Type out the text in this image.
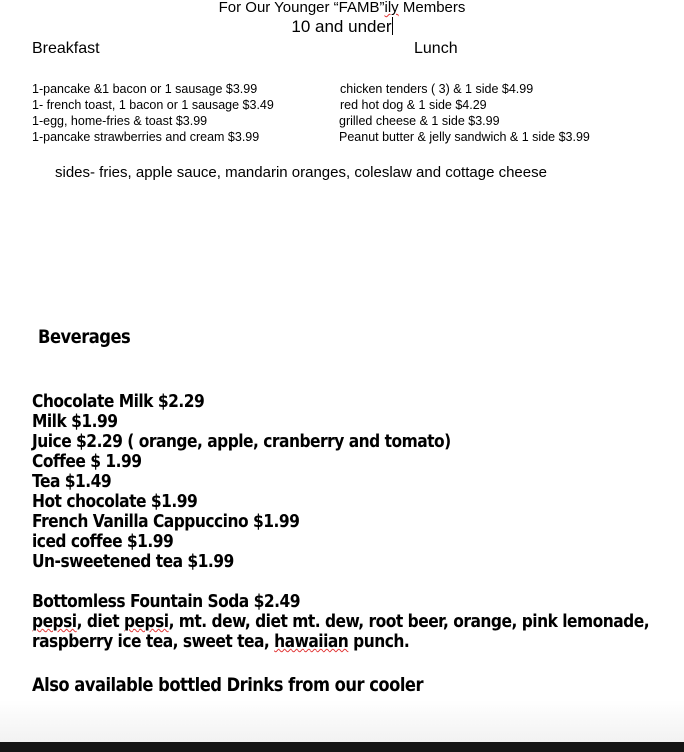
For Our Younger “FAMB”ily Members
10 and under
Breakfast	Lunch
1-pancake &1 bacon or 1 sausage $3.99
1- french toast, 1 bacon or 1 sausage $3.49
1-egg, home-fries & toast $3.99
1-pancake strawberries and cream $3.99
chicken tenders ( 3) & 1 side $4.99
red hot dog & 1 side $4.29
grilled cheese & 1 side $3.99
Peanut butter & jelly sandwich & 1 side $3.99
sides- fries, apple sauce, mandarin oranges, coleslaw and cottage cheese
Beverages
Chocolate Milk $2.29
Milk $1.99
Juice $2.29 ( orange, apple, cranberry and tomato)
Coffee $ 1.99
Tea $1.49
Hot chocolate $1.99
French Vanilla Cappuccino $1.99
iced coffee $1.99
Un-sweetened tea $1.99
Bottomless Fountain Soda $2.49
pepsi, diet pepsi, mt. dew, diet mt. dew, root beer, orange, pink lemonade,
raspberry ice tea, sweet tea, hawaiian punch.
Also available bottled Drinks from our cooler
